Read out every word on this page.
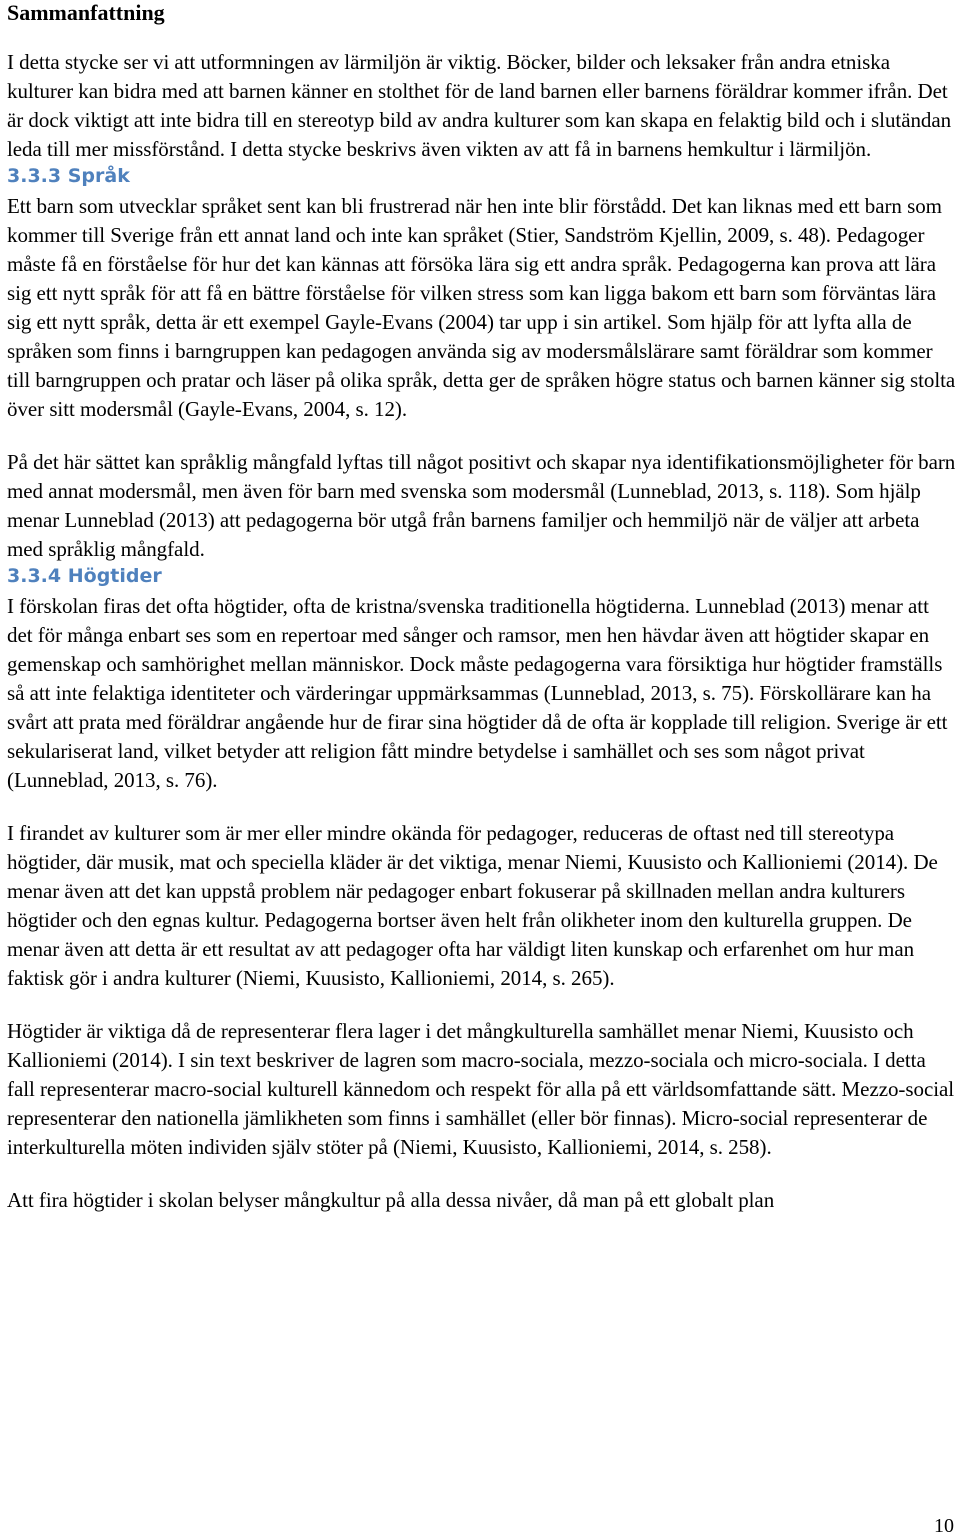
Sammanfattning

I detta stycke ser vi att utformningen av lärmiljön är viktig. Böcker, bilder och leksaker från andra etniska kulturer kan bidra med att barnen känner en stolthet för de land barnen eller barnens föräldrar kommer ifrån. Det är dock viktigt att inte bidra till en stereotyp bild av andra kulturer som kan skapa en felaktig bild och i slutändan leda till mer missförstånd. I detta stycke beskrivs även vikten av att få in barnens hemkultur i lärmiljön.

3.3.3 Språk

Ett barn som utvecklar språket sent kan bli frustrerad när hen inte blir förstådd. Det kan liknas med ett barn som kommer till Sverige från ett annat land och inte kan språket (Stier, Sandström Kjellin, 2009, s. 48). Pedagoger måste få en förståelse för hur det kan kännas att försöka lära sig ett andra språk. Pedagogerna kan prova att lära sig ett nytt språk för att få en bättre förståelse för vilken stress som kan ligga bakom ett barn som förväntas lära sig ett nytt språk, detta är ett exempel Gayle-Evans (2004) tar upp i sin artikel. Som hjälp för att lyfta alla de språken som finns i barngruppen kan pedagogen använda sig av modersmålslärare samt föräldrar som kommer till barngruppen och pratar och läser på olika språk, detta ger de språken högre status och barnen känner sig stolta över sitt modersmål (Gayle-Evans, 2004, s. 12).

På det här sättet kan språklig mångfald lyftas till något positivt och skapar nya identifikationsmöjligheter för barn med annat modersmål, men även för barn med svenska som modersmål (Lunneblad, 2013, s. 118). Som hjälp menar Lunneblad (2013) att pedagogerna bör utgå från barnens familjer och hemmiljö när de väljer att arbeta med språklig mångfald.

3.3.4 Högtider

I förskolan firas det ofta högtider, ofta de kristna/svenska traditionella högtiderna. Lunneblad (2013) menar att det för många enbart ses som en repertoar med sånger och ramsor, men hen hävdar även att högtider skapar en gemenskap och samhörighet mellan människor. Dock måste pedagogerna vara försiktiga hur högtider framställs så att inte felaktiga identiteter och värderingar uppmärksammas (Lunneblad, 2013, s. 75). Förskollärare kan ha svårt att prata med föräldrar angående hur de firar sina högtider då de ofta är kopplade till religion. Sverige är ett sekulariserat land, vilket betyder att religion fått mindre betydelse i samhället och ses som något privat (Lunneblad, 2013, s. 76).

I firandet av kulturer som är mer eller mindre okända för pedagoger, reduceras de oftast ned till stereotypa högtider, där musik, mat och speciella kläder är det viktiga, menar Niemi, Kuusisto och Kallioniemi (2014). De menar även att det kan uppstå problem när pedagoger enbart fokuserar på skillnaden mellan andra kulturers högtider och den egnas kultur. Pedagogerna bortser även helt från olikheter inom den kulturella gruppen. De menar även att detta är ett resultat av att pedagoger ofta har väldigt liten kunskap och erfarenhet om hur man faktisk gör i andra kulturer (Niemi, Kuusisto, Kallioniemi, 2014, s. 265).

Högtider är viktiga då de representerar flera lager i det mångkulturella samhället menar Niemi, Kuusisto och Kallioniemi (2014). I sin text beskriver de lagren som macro-sociala, mezzo-sociala och micro-sociala. I detta fall representerar macro-social kulturell kännedom och respekt för alla på ett världsomfattande sätt. Mezzo-social representerar den nationella jämlikheten som finns i samhället (eller bör finnas). Micro-social representerar de interkulturella möten individen själv stöter på (Niemi, Kuusisto, Kallioniemi, 2014, s. 258).

Att fira högtider i skolan belyser mångkultur på alla dessa nivåer, då man på ett globalt plan

10
